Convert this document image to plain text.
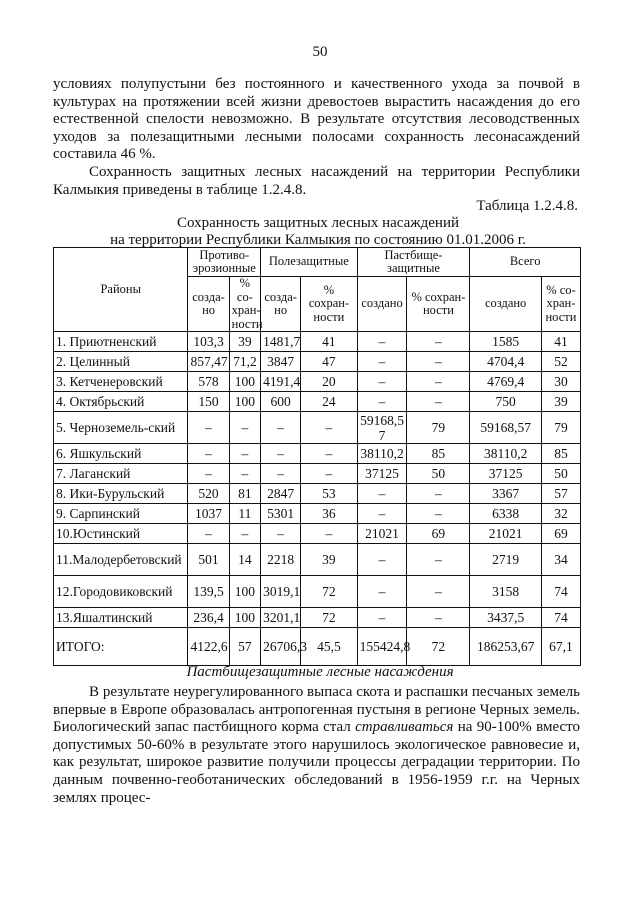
50
условиях полупустыни без постоянного и качественного ухода за почвой в культурах на протяжении всей жизни древостоев вырастить насаждения до его естественной спелости невозможно. В результате отсутствия лесоводственных уходов за полезащитными лесными полосами сохранность лесонасаждений составила 46 %.
Сохранность защитных лесных насаждений на территории Республики Калмыкия приведены в таблице 1.2.4.8.
Таблица 1.2.4.8.
Сохранность защитных лесных насаждений
на территории Республики Калмыкия по состоянию 01.01.2006 г.
Районы	Противо-эрозионные		Полезащитные		Пастбище-защитные		Всего	
	созда-но	% со-хран-ности	созда-но	% сохран-ности	создано	% сохран-ности	создано	% со-хран-ности
1. Приютненский	103,3	39	1481,7	41	–	–	1585	41
2. Целинный	857,47	71,2	3847	47	–	–	4704,4	52
3. Кетченеровский	578	100	4191,4	20	–	–	4769,4	30
4. Октябрьский	150	100	600	24	–	–	750	39
5. Черноземель-ский	–	–	–	–	59168,5 7	79	59168,57	79
6. Яшкульский	–	–	–	–	38110,2	85	38110,2	85
7. Лаганский	–	–	–	–	37125	50	37125	50
8. Ики-Бурульский	520	81	2847	53	–	–	3367	57
9. Сарпинский	1037	11	5301	36	–	–	6338	32
10.Юстинский	–	–	–	–	21021	69	21021	69
11.Малодербетовский	501	14	2218	39	–	–	2719	34
12.Городовиковский	139,5	100	3019,1	72	–	–	3158	74
13.Яшалтинский	236,4	100	3201,1	72	–	–	3437,5	74
ИТОГО:	4122,6	57	26706,3	45,5	155424,8	72	186253,67	67,1
Пастбищезащитные лесные насаждения
В результате неурегулированного выпаса скота и распашки песчаных земель впервые в Европе образовалась антропогенная пустыня в регионе Черных земель. Биологический запас пастбищного корма стал стравливаться на 90-100% вместо допустимых 50-60% в результате этого нарушилось экологическое равновесие и, как результат, широкое развитие получили процессы деградации территории. По данным почвенно-геоботанических обследований в 1956-1959 г.г. на Черных землях процес-
